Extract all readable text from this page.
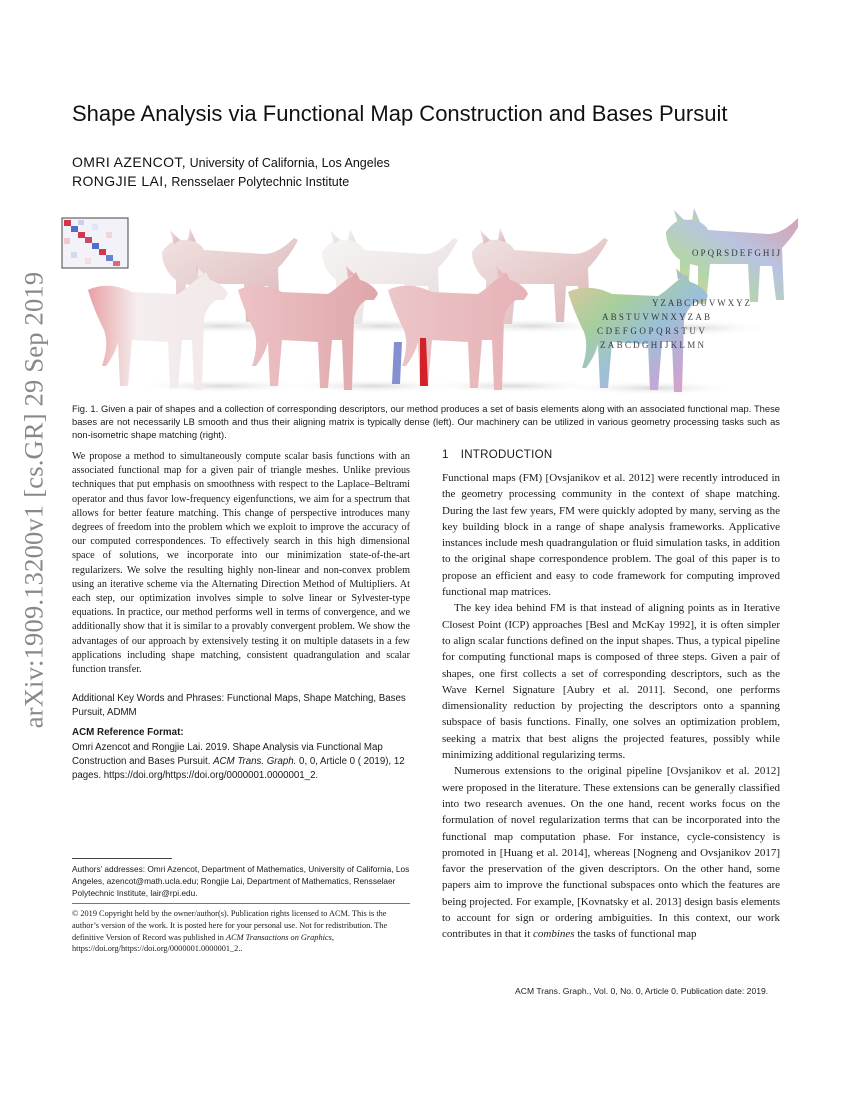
arXiv:1909.13200v1 [cs.GR] 29 Sep 2019
Shape Analysis via Functional Map Construction and Bases Pursuit
OMRI AZENCOT, University of California, Los Angeles
RONGJIE LAI, Rensselaer Polytechnic Institute
YZABCDUVWXYZ
ABSTUVWNXYZAB
CDEFGOPQRSTUV
ZABCDGHIJKLMN
OPQRSDEFGHIJ

Fig. 1. Given a pair of shapes and a collection of corresponding descriptors, our method produces a set of basis elements along with an associated functional map. These bases are not necessarily LB smooth and thus their aligning matrix is typically dense (left). Our machinery can be utilized in various geometry processing tasks such as non-isometric shape matching (right).

We propose a method to simultaneously compute scalar basis functions with an associated functional map for a given pair of triangle meshes. Unlike previous techniques that put emphasis on smoothness with respect to the Laplace–Beltrami operator and thus favor low-frequency eigenfunctions, we aim for a spectrum that allows for better feature matching. This change of perspective introduces many degrees of freedom into the problem which we exploit to improve the accuracy of our computed correspondences. To effectively search in this high dimensional space of solutions, we incorporate into our minimization state-of-the-art regularizers. We solve the resulting highly non-linear and non-convex problem using an iterative scheme via the Alternating Direction Method of Multipliers. At each step, our optimization involves simple to solve linear or Sylvester-type equations. In practice, our method performs well in terms of convergence, and we additionally show that it is similar to a provably convergent problem. We show the advantages of our approach by extensively testing it on multiple datasets in a few applications including shape matching, consistent quadrangulation and scalar function transfer.

Additional Key Words and Phrases: Functional Maps, Shape Matching, Bases Pursuit, ADMM

ACM Reference Format:

Omri Azencot and Rongjie Lai. 2019. Shape Analysis via Functional Map Construction and Bases Pursuit. ACM Trans. Graph. 0, 0, Article 0 ( 2019), 12 pages. https://doi.org/https://doi.org/0000001.0000001_2.

Authors’ addresses: Omri Azencot, Department of Mathematics, University of California, Los Angeles, azencot@math.ucla.edu; Rongjie Lai, Department of Mathematics, Rensselaer Polytechnic Institute, lair@rpi.edu.

© 2019 Copyright held by the owner/author(s). Publication rights licensed to ACM. This is the author’s version of the work. It is posted here for your personal use. Not for redistribution. The definitive Version of Record was published in ACM Transactions on Graphics, https://doi.org/https://doi.org/0000001.0000001_2..

1 INTRODUCTION

Functional maps (FM) [Ovsjanikov et al. 2012] were recently introduced in the geometry processing community in the context of shape matching. During the last few years, FM were quickly adopted by many, serving as the key building block in a range of shape analysis frameworks. Applicative instances include mesh quadrangulation or fluid simulation tasks, in addition to the original shape correspondence problem. The goal of this paper is to propose an efficient and easy to code framework for computing improved functional map matrices.

The key idea behind FM is that instead of aligning points as in Iterative Closest Point (ICP) approaches [Besl and McKay 1992], it is often simpler to align scalar functions defined on the input shapes. Thus, a typical pipeline for computing functional maps is composed of three steps. Given a pair of shapes, one first collects a set of corresponding descriptors, such as the Wave Kernel Signature [Aubry et al. 2011]. Second, one performs dimensionality reduction by projecting the descriptors onto a spanning subspace of basis functions. Finally, one solves an optimization problem, seeking a matrix that best aligns the projected features, possibly while minimizing additional regularizing terms.

Numerous extensions to the original pipeline [Ovsjanikov et al. 2012] were proposed in the literature. These extensions can be generally classified into two research avenues. On the one hand, recent works focus on the formulation of novel regularization terms that can be incorporated into the functional map computation phase. For instance, cycle-consistency is promoted in [Huang et al. 2014], whereas [Nogneng and Ovsjanikov 2017] favor the preservation of the given descriptors. On the other hand, some papers aim to improve the functional subspaces onto which the features are being projected. For example, [Kovnatsky et al. 2013] design basis elements to account for sign or ordering ambiguities. In this context, our work contributes in that it combines the tasks of functional map

ACM Trans. Graph., Vol. 0, No. 0, Article 0. Publication date: 2019.
